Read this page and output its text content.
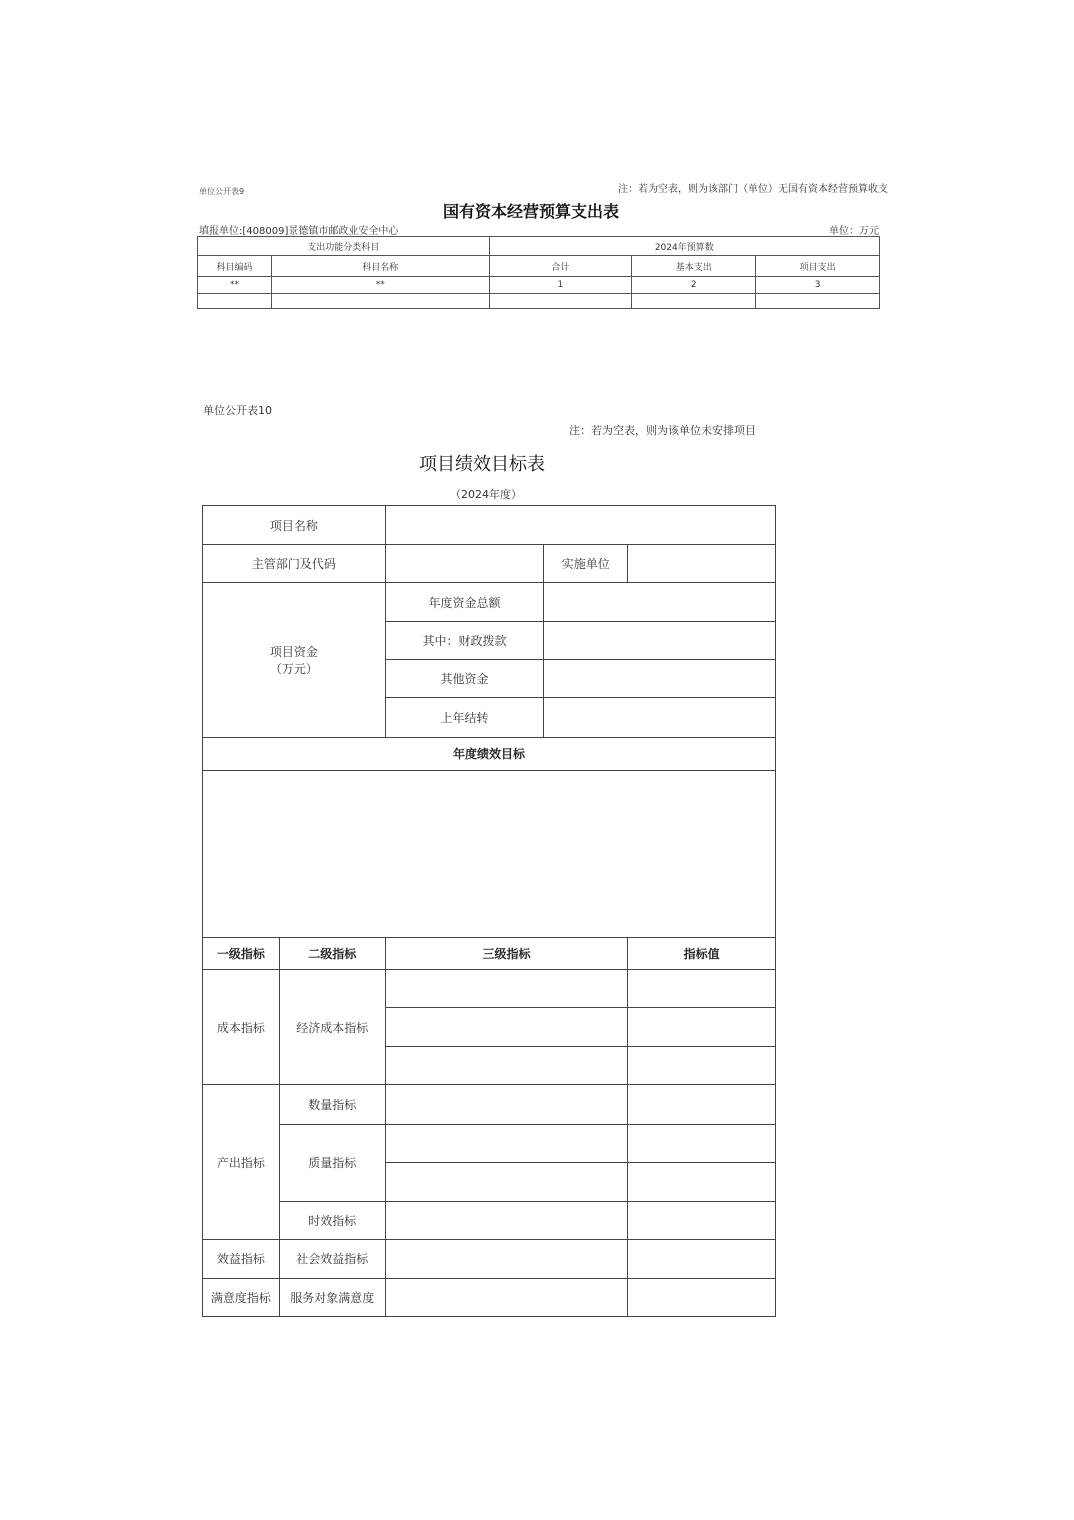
单位公开表9	注：若为空表，则为该部门（单位）无国有资本经营预算收支
国有资本经营预算支出表
填报单位:[408009]景德镇市邮政业安全中心	单位：万元
支出功能分类科目		2024年预算数		
科目编码	科目名称	合计	基本支出	项目支出
**	**	1	2	3

单位公开表10
注：若为空表，则为该单位未安排项目
项目绩效目标表
（2024年度）
项目名称				
主管部门及代码			实施单位	

项目资金
（万元）		年度资金总额		
		其中：财政拨款		
		其他资金		
		上年结转		
年度绩效目标				

一级指标	二级指标	三级指标		指标值
成本指标	经济成本指标			

产出指标	数量指标			
	质量指标			

	时效指标			
效益指标	社会效益指标			
满意度指标	服务对象满意度			
